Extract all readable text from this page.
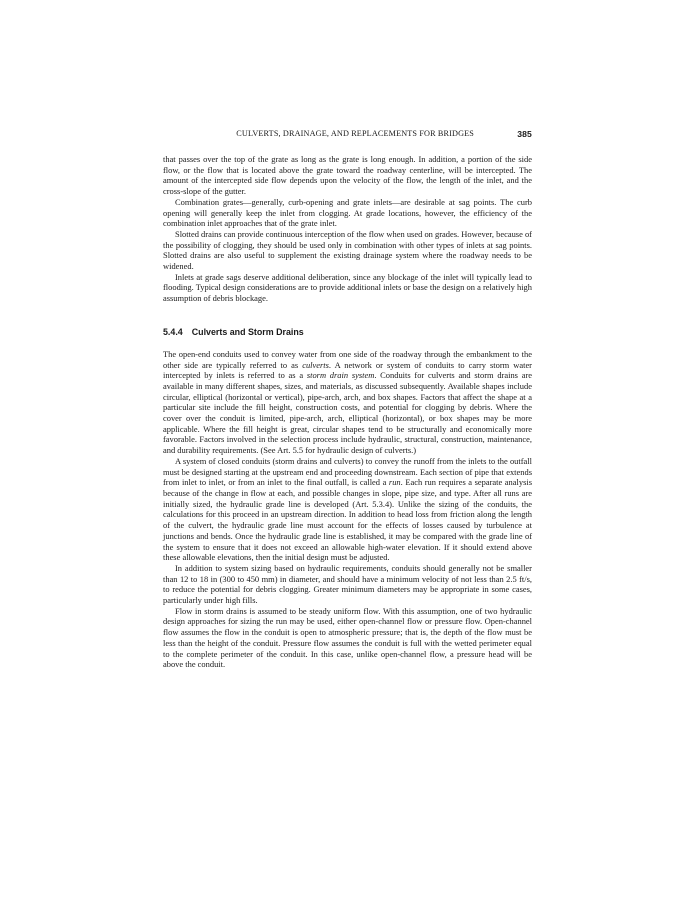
CULVERTS, DRAINAGE, AND REPLACEMENTS FOR BRIDGES	385

that passes over the top of the grate as long as the grate is long enough. In addition, a portion of the side flow, or the flow that is located above the grate toward the roadway centerline, will be intercepted. The amount of the intercepted side flow depends upon the velocity of the flow, the length of the inlet, and the cross-slope of the gutter.

Combination grates—generally, curb-opening and grate inlets—are desirable at sag points. The curb opening will generally keep the inlet from clogging. At grade locations, however, the efficiency of the combination inlet approaches that of the grate inlet.

Slotted drains can provide continuous interception of the flow when used on grades. However, because of the possibility of clogging, they should be used only in combination with other types of inlets at sag points. Slotted drains are also useful to supplement the existing drainage system where the roadway needs to be widened.

Inlets at grade sags deserve additional deliberation, since any blockage of the inlet will typically lead to flooding. Typical design considerations are to provide additional inlets or base the design on a relatively high assumption of debris blockage.

5.4.4 Culverts and Storm Drains

The open-end conduits used to convey water from one side of the roadway through the embankment to the other side are typically referred to as culverts. A network or system of conduits to carry storm water intercepted by inlets is referred to as a storm drain system. Conduits for culverts and storm drains are available in many different shapes, sizes, and materials, as discussed subsequently. Available shapes include circular, elliptical (horizontal or vertical), pipe-arch, arch, and box shapes. Factors that affect the shape at a particular site include the fill height, construction costs, and potential for clogging by debris. Where the cover over the conduit is limited, pipe-arch, arch, elliptical (horizontal), or box shapes may be more applicable. Where the fill height is great, circular shapes tend to be structurally and economically more favorable. Factors involved in the selection process include hydraulic, structural, construction, maintenance, and durability requirements. (See Art. 5.5 for hydraulic design of culverts.)

A system of closed conduits (storm drains and culverts) to convey the runoff from the inlets to the outfall must be designed starting at the upstream end and proceeding downstream. Each section of pipe that extends from inlet to inlet, or from an inlet to the final outfall, is called a run. Each run requires a separate analysis because of the change in flow at each, and possible changes in slope, pipe size, and type. After all runs are initially sized, the hydraulic grade line is developed (Art. 5.3.4). Unlike the sizing of the conduits, the calculations for this proceed in an upstream direction. In addition to head loss from friction along the length of the culvert, the hydraulic grade line must account for the effects of losses caused by turbulence at junctions and bends. Once the hydraulic grade line is established, it may be compared with the grade line of the system to ensure that it does not exceed an allowable high-water elevation. If it should extend above these allowable elevations, then the initial design must be adjusted.

In addition to system sizing based on hydraulic requirements, conduits should generally not be smaller than 12 to 18 in (300 to 450 mm) in diameter, and should have a minimum velocity of not less than 2.5 ft/s, to reduce the potential for debris clogging. Greater minimum diameters may be appropriate in some cases, particularly under high fills.

Flow in storm drains is assumed to be steady uniform flow. With this assumption, one of two hydraulic design approaches for sizing the run may be used, either open-channel flow or pressure flow. Open-channel flow assumes the flow in the conduit is open to atmospheric pressure; that is, the depth of the flow must be less than the height of the conduit. Pressure flow assumes the conduit is full with the wetted perimeter equal to the complete perimeter of the conduit. In this case, unlike open-channel flow, a pressure head will be above the conduit.
